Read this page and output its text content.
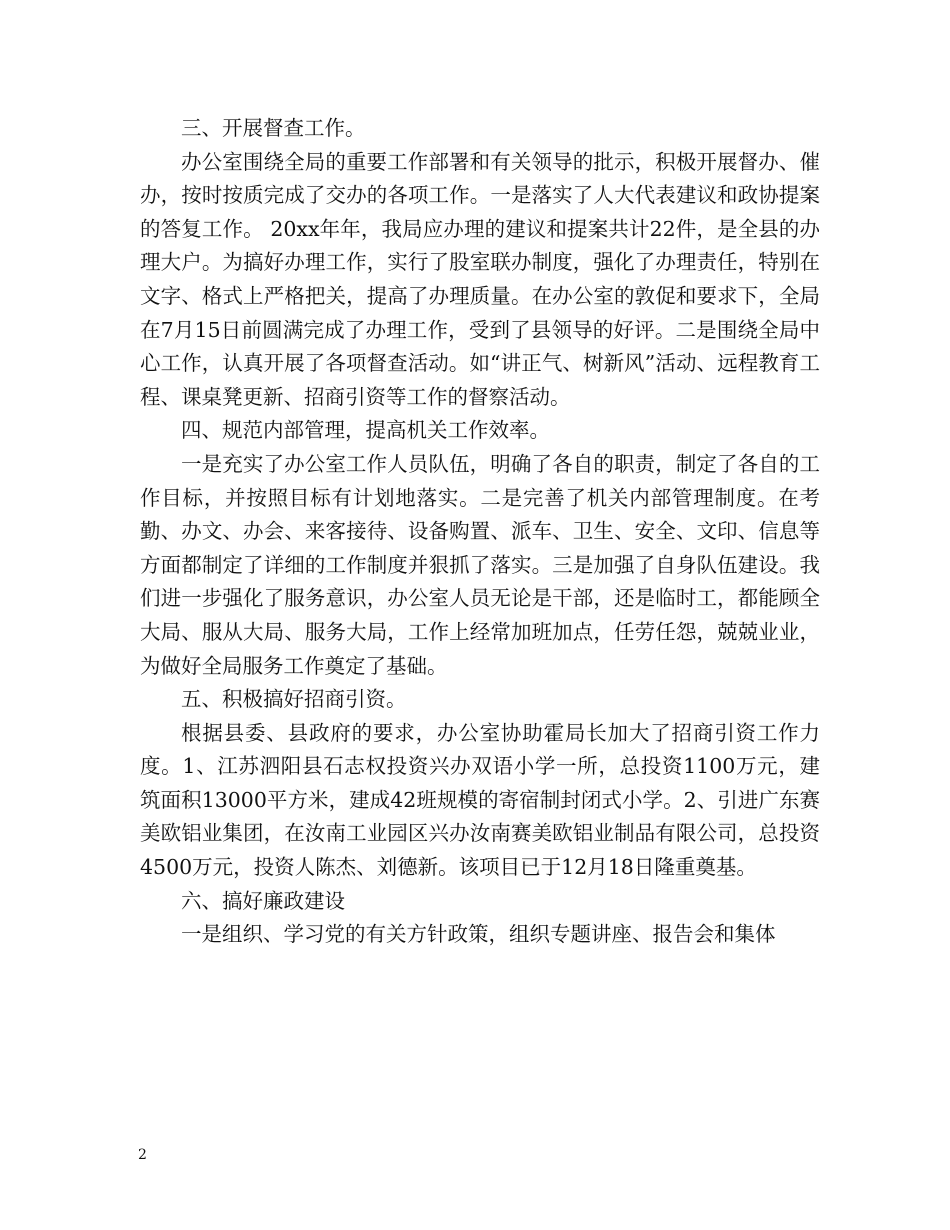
三、开展督查工作。

办公室围绕全局的重要工作部署和有关领导的批示，积极开展督办、催办，按时按质完成了交办的各项工作。一是落实了人大代表建议和政协提案的答复工作。 20xx年年，我局应办理的建议和提案共计22件，是全县的办理大户。为搞好办理工作，实行了股室联办制度，强化了办理责任，特别在文字、格式上严格把关，提高了办理质量。在办公室的敦促和要求下，全局在7月15日前圆满完成了办理工作，受到了县领导的好评。二是围绕全局中心工作，认真开展了各项督查活动。如“讲正气、树新风”活动、远程教育工程、课桌凳更新、招商引资等工作的督察活动。

四、规范内部管理，提高机关工作效率。

一是充实了办公室工作人员队伍，明确了各自的职责，制定了各自的工作目标，并按照目标有计划地落实。二是完善了机关内部管理制度。在考勤、办文、办会、来客接待、设备购置、派车、卫生、安全、文印、信息等方面都制定了详细的工作制度并狠抓了落实。三是加强了自身队伍建设。我们进一步强化了服务意识，办公室人员无论是干部，还是临时工，都能顾全大局、服从大局、服务大局，工作上经常加班加点，任劳任怨，兢兢业业，为做好全局服务工作奠定了基础。

五、积极搞好招商引资。

根据县委、县政府的要求，办公室协助霍局长加大了招商引资工作力度。1、江苏泗阳县石志权投资兴办双语小学一所，总投资1100万元，建筑面积13000平方米，建成42班规模的寄宿制封闭式小学。2、引进广东赛美欧铝业集团，在汝南工业园区兴办汝南赛美欧铝业制品有限公司，总投资4500万元，投资人陈杰、刘德新。该项目已于12月18日隆重奠基。

六、搞好廉政建设

一是组织、学习党的有关方针政策，组织专题讲座、报告会和集体

2
